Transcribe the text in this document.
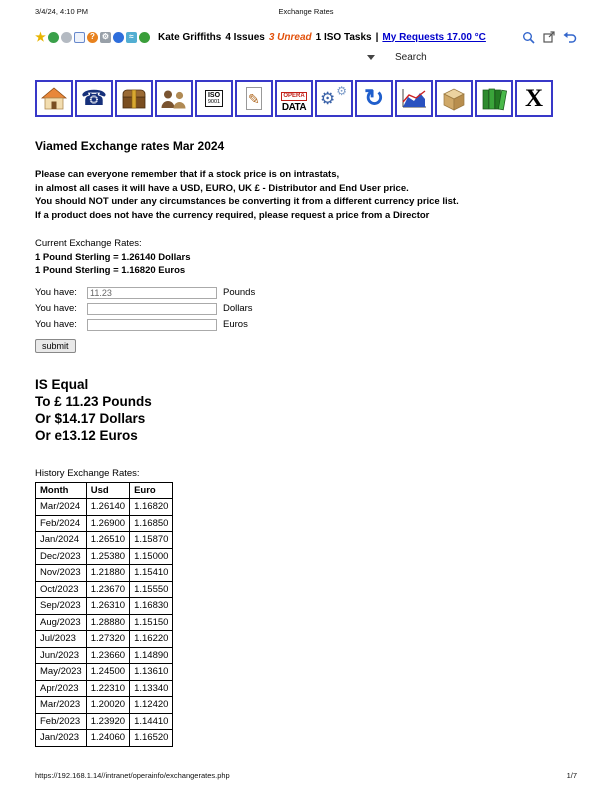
3/4/24, 4:10 PM	Exchange Rates
★	? ⚙	≈	Kate Griffiths 4 Issues 3 Unread 1 ISO Tasks | My Requests 17.00 °C
Search
☎	ISO
9001 ✎	OPERA
DATA ⚙ ⚙ ↻	X
Viamed Exchange rates Mar 2024
Please can everyone remember that if a stock price is on intrastats,
in almost all cases it will have a USD, EURO, UK £ - Distributor and End User price.
You should NOT under any circumstances be converting it from a different currency price list.
If a product does not have the currency required, please request a price from a Director
Current Exchange Rates:
1 Pound Sterling = 1.26140 Dollars
1 Pound Sterling = 1.16820 Euros
You have:
11.23	Pounds
You have:	Dollars
You have:	Euros
submit
IS Equal
To £ 11.23 Pounds
Or $14.17 Dollars
Or e13.12 Euros
History Exchange Rates:
Month	Usd	Euro
Mar/2024	1.26140	1.16820
Feb/2024	1.26900	1.16850
Jan/2024	1.26510	1.15870
Dec/2023	1.25380	1.15000
Nov/2023	1.21880	1.15410
Oct/2023	1.23670	1.15550
Sep/2023	1.26310	1.16830
Aug/2023	1.28880	1.15150
Jul/2023	1.27320	1.16220
Jun/2023	1.23660	1.14890
May/2023	1.24500	1.13610
Apr/2023	1.22310	1.13340
Mar/2023	1.20020	1.12420
Feb/2023	1.23920	1.14410
Jan/2023	1.24060	1.16520
https://192.168.1.14//intranet/operainfo/exchangerates.php	1/7
